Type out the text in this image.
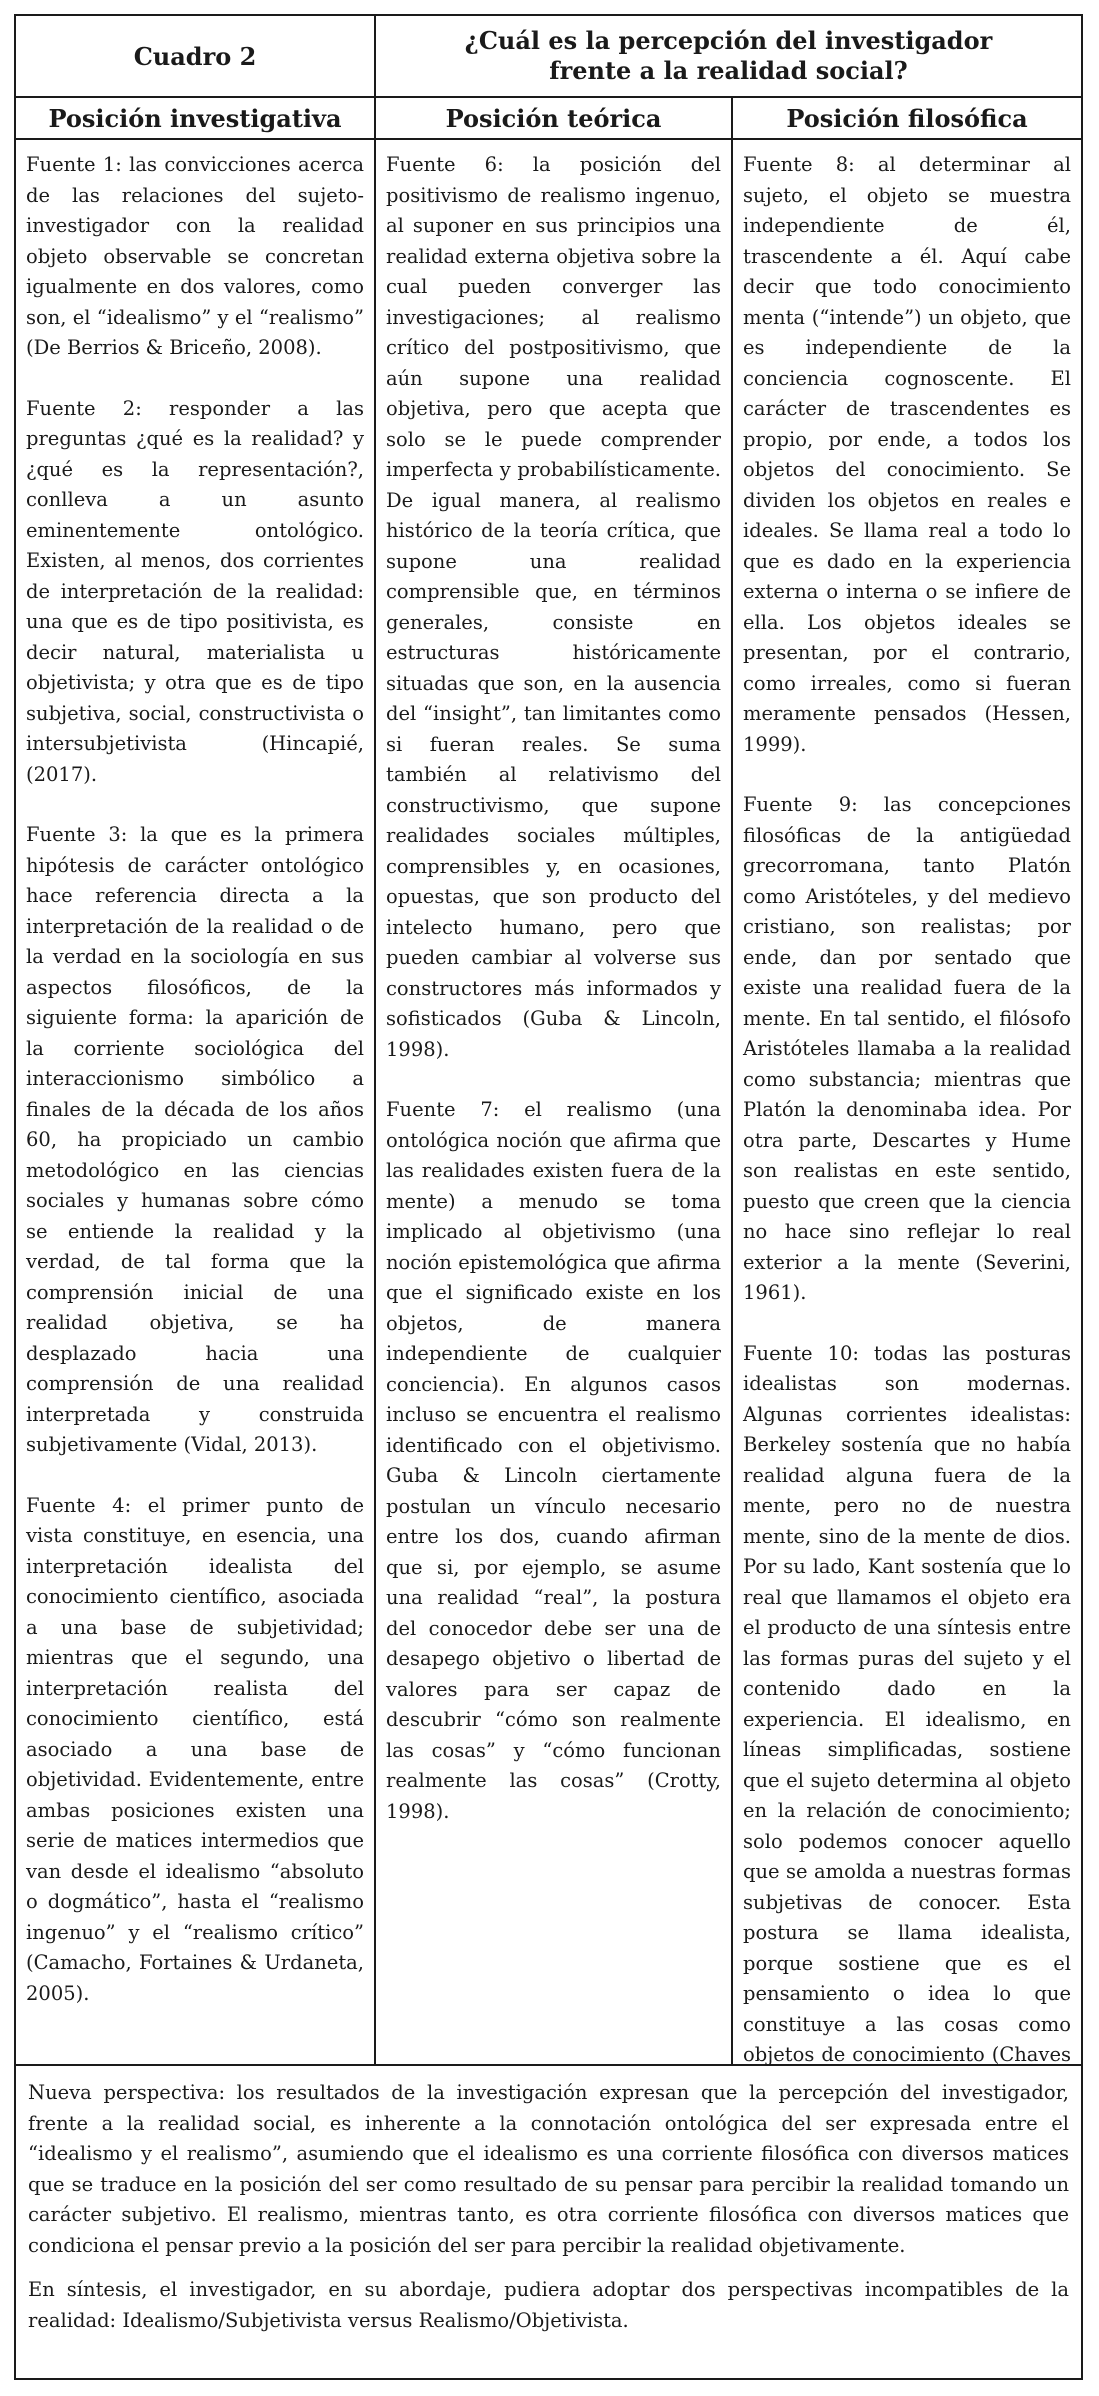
Cuadro 2
¿Cuál es la percepción del investigador
frente a la realidad social?
Posición investigativa	Posición teórica	Posición filosófica

Fuente 1: las convicciones acerca de las relaciones del sujeto-investigador con la realidad objeto observable se concretan igualmente en dos valores, como son, el “idealismo” y el “realismo” (De Berrios & Briceño, 2008).

Fuente 2: responder a las preguntas ¿qué es la realidad? y ¿qué es la representación?, conlleva a un asunto eminentemente ontológico. Existen, al menos, dos corrientes de interpretación de la realidad: una que es de tipo positivista, es decir natural, materialista u objetivista; y otra que es de tipo subjetiva, social, constructivista o intersubjetivista (Hincapié, (2017).

Fuente 3: la que es la primera hipótesis de carácter ontológico hace referencia directa a la interpretación de la realidad o de la verdad en la sociología en sus aspectos filosóficos, de la siguiente forma: la aparición de la corriente sociológica del interaccionismo simbólico a finales de la década de los años 60, ha propiciado un cambio metodológico en las ciencias sociales y humanas sobre cómo se entiende la realidad y la verdad, de tal forma que la comprensión inicial de una realidad objetiva, se ha desplazado hacia una comprensión de una realidad interpretada y construida subjetivamente (Vidal, 2013).

Fuente 4: el primer punto de vista constituye, en esencia, una interpretación idealista del conocimiento científico, asociada a una base de subjetividad; mientras que el segundo, una interpretación realista del conocimiento científico, está asociado a una base de objetividad. Evidentemente, entre ambas posiciones existen una serie de matices intermedios que van desde el idealismo “absoluto o dogmático”, hasta el “realismo ingenuo” y el “realismo crítico” (Camacho, Fortaines & Urdaneta, 2005).

Fuente 6: la posición del positivismo de realismo ingenuo, al suponer en sus principios una realidad externa objetiva sobre la cual pueden converger las investigaciones; al realismo crítico del postpositivismo, que aún supone una realidad objetiva, pero que acepta que solo se le puede comprender imperfecta y probabilísticamente. De igual manera, al realismo histórico de la teoría crítica, que supone una realidad comprensible que, en términos generales, consiste en estructuras históricamente situadas que son, en la ausencia del “insight”, tan limitantes como si fueran reales. Se suma también al relativismo del constructivismo, que supone realidades sociales múltiples, comprensibles y, en ocasiones, opuestas, que son producto del intelecto humano, pero que pueden cambiar al volverse sus constructores más informados y sofisticados (Guba & Lincoln, 1998).

Fuente 7: el realismo (una ontológica noción que afirma que las realidades existen fuera de la mente) a menudo se toma implicado al objetivismo (una noción epistemológica que afirma que el significado existe en los objetos, de manera independiente de cualquier conciencia). En algunos casos incluso se encuentra el realismo identificado con el objetivismo. Guba & Lincoln ciertamente postulan un vínculo necesario entre los dos, cuando afirman que si, por ejemplo, se asume una realidad “real”, la postura del conocedor debe ser una de desapego objetivo o libertad de valores para ser capaz de descubrir “cómo son realmente las cosas” y “cómo funcionan realmente las cosas” (Crotty, 1998).

Fuente 8: al determinar al sujeto, el objeto se muestra independiente de él, trascendente a él. Aquí cabe decir que todo conocimiento menta (“intende”) un objeto, que es independiente de la conciencia cognoscente. El carácter de trascendentes es propio, por ende, a todos los objetos del conocimiento. Se dividen los objetos en reales e ideales. Se llama real a todo lo que es dado en la experiencia externa o interna o se infiere de ella. Los objetos ideales se presentan, por el contrario, como irreales, como si fueran meramente pensados (Hessen, 1999).

Fuente 9: las concepciones filosóficas de la antigüedad grecorromana, tanto Platón como Aristóteles, y del medievo cristiano, son realistas; por ende, dan por sentado que existe una realidad fuera de la mente. En tal sentido, el filósofo Aristóteles llamaba a la realidad como substancia; mientras que Platón la denominaba idea. Por otra parte, Descartes y Hume son realistas en este sentido, puesto que creen que la ciencia no hace sino reflejar lo real exterior a la mente (Severini, 1961).

Fuente 10: todas las posturas idealistas son modernas. Algunas corrientes idealistas: Berkeley sostenía que no había realidad alguna fuera de la mente, pero no de nuestra mente, sino de la mente de dios. Por su lado, Kant sostenía que lo real que llamamos el objeto era el producto de una síntesis entre las formas puras del sujeto y el contenido dado en la experiencia. El idealismo, en líneas simplificadas, sostiene que el sujeto determina al objeto en la relación de conocimiento; solo podemos conocer aquello que se amolda a nuestras formas subjetivas de conocer. Esta postura se llama idealista, porque sostiene que es el pensamiento o idea lo que constituye a las cosas como objetos de conocimiento (Chaves

Nueva perspectiva: los resultados de la investigación expresan que la percepción del investigador, frente a la realidad social, es inherente a la connotación ontológica del ser expresada entre el “idealismo y el realismo”, asumiendo que el idealismo es una corriente filosófica con diversos matices que se traduce en la posición del ser como resultado de su pensar para percibir la realidad tomando un carácter subjetivo. El realismo, mientras tanto, es otra corriente filosófica con diversos matices que condiciona el pensar previo a la posición del ser para percibir la realidad objetivamente.

En síntesis, el investigador, en su abordaje, pudiera adoptar dos perspectivas incompatibles de la realidad: Idealismo/Subjetivista versus Realismo/Objetivista.
